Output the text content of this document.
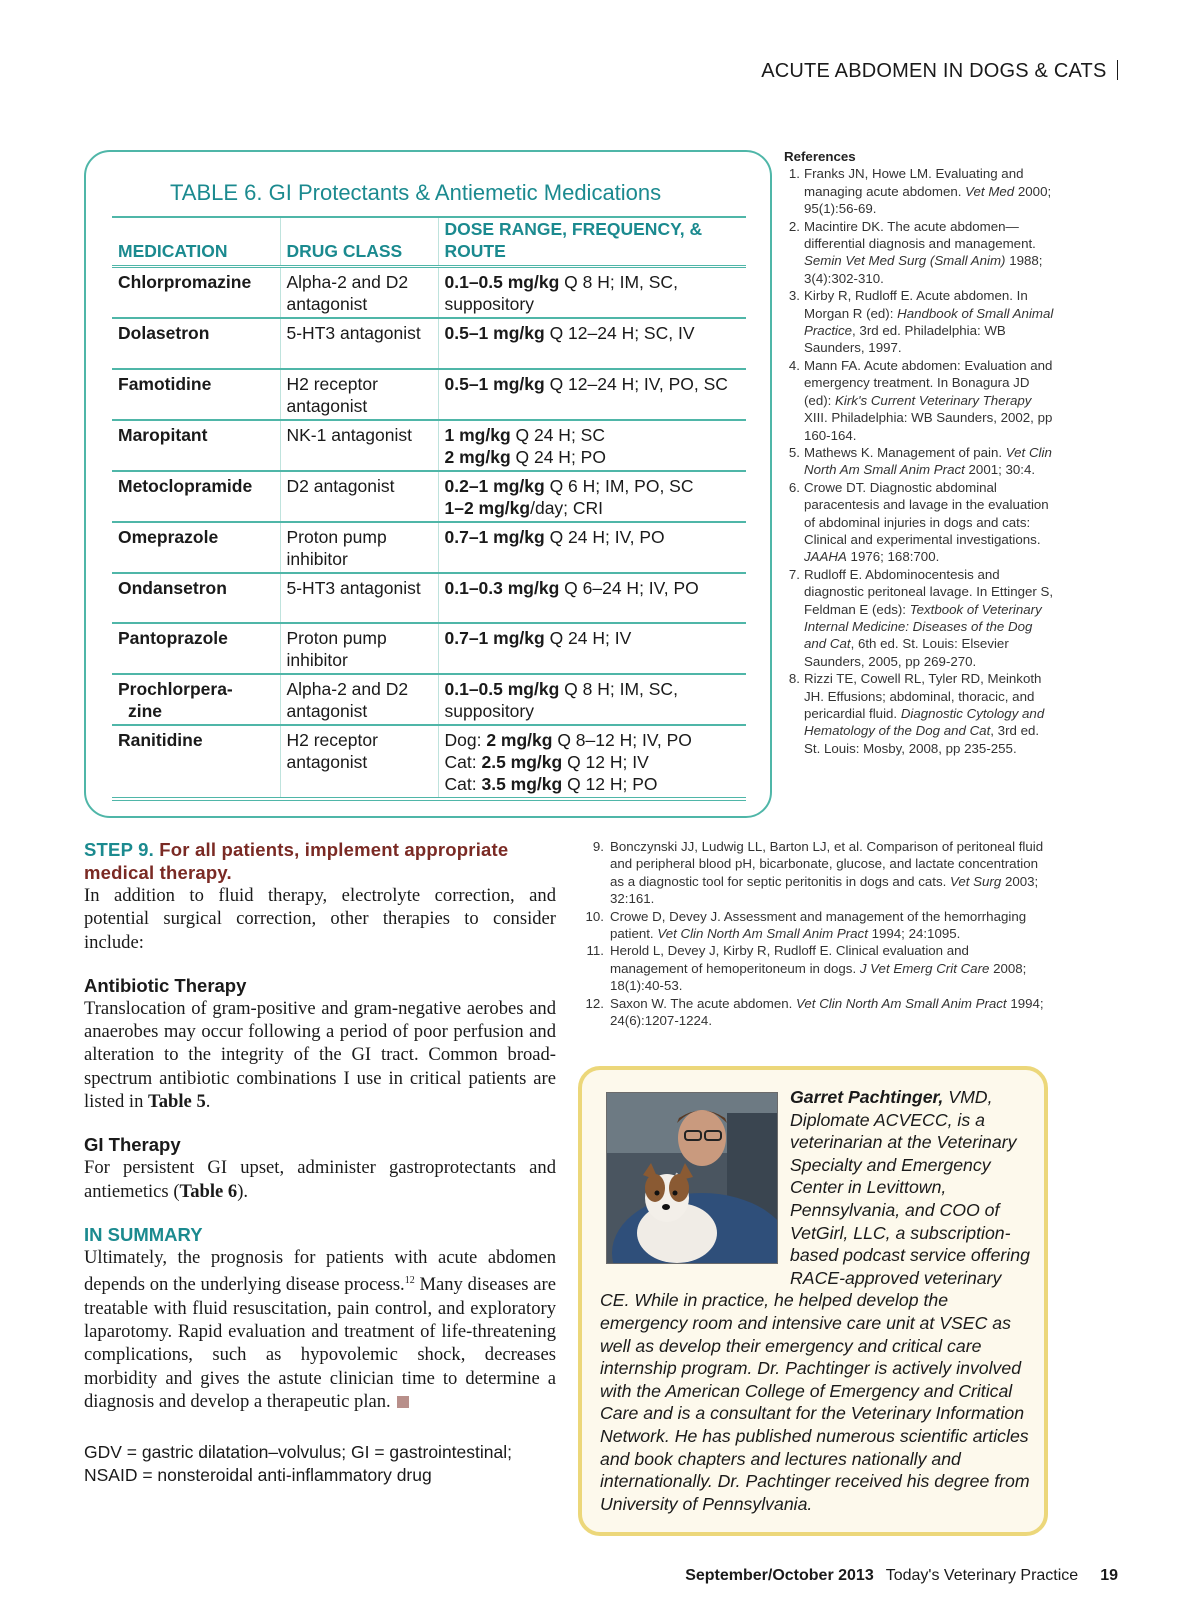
ACUTE ABDOMEN IN DOGS & CATS
TABLE 6. GI Protectants & Antiemetic Medications
MEDICATION	DRUG CLASS	DOSE RANGE, FREQUENCY, & ROUTE
Chlorpromazine	Alpha-2 and D2 antagonist	0.1–0.5 mg/kg Q 8 H; IM, SC, suppository
Dolasetron	5-HT3 antagonist	0.5–1 mg/kg Q 12–24 H; SC, IV
Famotidine	H2 receptor antagonist	0.5–1 mg/kg Q 12–24 H; IV, PO, SC
Maropitant	NK-1 antagonist	1 mg/kg Q 24 H; SC
2 mg/kg Q 24 H; PO
Metoclopramide	D2 antagonist	0.2–1 mg/kg Q 6 H; IM, PO, SC
1–2 mg/kg/day; CRI
Omeprazole	Proton pump inhibitor	0.7–1 mg/kg Q 24 H; IV, PO
Ondansetron	5-HT3 antagonist	0.1–0.3 mg/kg Q 6–24 H; IV, PO
Pantoprazole	Proton pump inhibitor	0.7–1 mg/kg Q 24 H; IV
Prochlorpera-
zine	Alpha-2 and D2 antagonist	0.1–0.5 mg/kg Q 8 H; IM, SC, suppository
Ranitidine	H2 receptor antagonist	Dog: 2 mg/kg Q 8–12 H; IV, PO
Cat: 2.5 mg/kg Q 12 H; IV
Cat: 3.5 mg/kg Q 12 H; PO
References
1. Franks JN, Howe LM. Evaluating and managing acute abdomen. Vet Med 2000; 95(1):56-69.
2. Macintire DK. The acute abdomen—differential diagnosis and management. Semin Vet Med Surg (Small Anim) 1988; 3(4):302-310.
3. Kirby R, Rudloff E. Acute abdomen. In Morgan R (ed): Handbook of Small Animal Practice, 3rd ed. Philadelphia: WB Saunders, 1997.
4. Mann FA. Acute abdomen: Evaluation and emergency treatment. In Bonagura JD (ed): Kirk's Current Veterinary Therapy XIII. Philadelphia: WB Saunders, 2002, pp 160-164.
5. Mathews K. Management of pain. Vet Clin North Am Small Anim Pract 2001; 30:4.
6. Crowe DT. Diagnostic abdominal paracentesis and lavage in the evaluation of abdominal injuries in dogs and cats: Clinical and experimental investigations. JAAHA 1976; 168:700.
7. Rudloff E. Abdominocentesis and diagnostic peritoneal lavage. In Ettinger S, Feldman E (eds): Textbook of Veterinary Internal Medicine: Diseases of the Dog and Cat, 6th ed. St. Louis: Elsevier Saunders, 2005, pp 269-270.
8. Rizzi TE, Cowell RL, Tyler RD, Meinkoth JH. Effusions; abdominal, thoracic, and pericardial fluid. Diagnostic Cytology and Hematology of the Dog and Cat, 3rd ed. St. Louis: Mosby, 2008, pp 235-255.
9. Bonczynski JJ, Ludwig LL, Barton LJ, et al. Comparison of peritoneal fluid and peripheral blood pH, bicarbonate, glucose, and lactate concentration as a diagnostic tool for septic peritonitis in dogs and cats. Vet Surg 2003; 32:161.
10. Crowe D, Devey J. Assessment and management of the hemorrhaging patient. Vet Clin North Am Small Anim Pract 1994; 24:1095.
11. Herold L, Devey J, Kirby R, Rudloff E. Clinical evaluation and management of hemoperitoneum in dogs. J Vet Emerg Crit Care 2008; 18(1):40-53.
12. Saxon W. The acute abdomen. Vet Clin North Am Small Anim Pract 1994; 24(6):1207-1224.
STEP 9. For all patients, implement appropriate medical therapy.

In addition to fluid therapy, electrolyte correction, and potential surgical correction, other therapies to consider include:

Antibiotic Therapy

Translocation of gram-positive and gram-negative aerobes and anaerobes may occur following a period of poor perfusion and alteration to the integrity of the GI tract. Common broad-spectrum antibiotic combinations I use in critical patients are listed in Table 5.

GI Therapy

For persistent GI upset, administer gastroprotectants and antiemetics (Table 6).

IN SUMMARY

Ultimately, the prognosis for patients with acute abdomen depends on the underlying disease process.$^{12}$ Many diseases are treatable with fluid resuscitation, pain control, and exploratory laparotomy. Rapid evaluation and treatment of life-threatening complications, such as hypovolemic shock, decreases morbidity and gives the astute clinician time to determine a diagnosis and develop a therapeutic plan.

GDV = gastric dilatation–volvulus; GI = gastrointestinal;
NSAID = nonsteroidal anti-inflammatory drug
Garret Pachtinger, VMD, Diplomate ACVECC, is a veterinarian at the Veterinary Specialty and Emergency Center in Levittown, Pennsylvania, and COO of VetGirl, LLC, a subscription-based podcast service offering RACE-approved veterinary CE. While in practice, he helped develop the emergency room and intensive care unit at VSEC as well as develop their emergency and critical care internship program. Dr. Pachtinger is actively involved with the American College of Emergency and Critical Care and is a consultant for the Veterinary Information Network. He has published numerous scientific articles and book chapters and lectures nationally and internationally. Dr. Pachtinger received his degree from University of Pennsylvania.
September/October 2013 Today's Veterinary Practice 19
